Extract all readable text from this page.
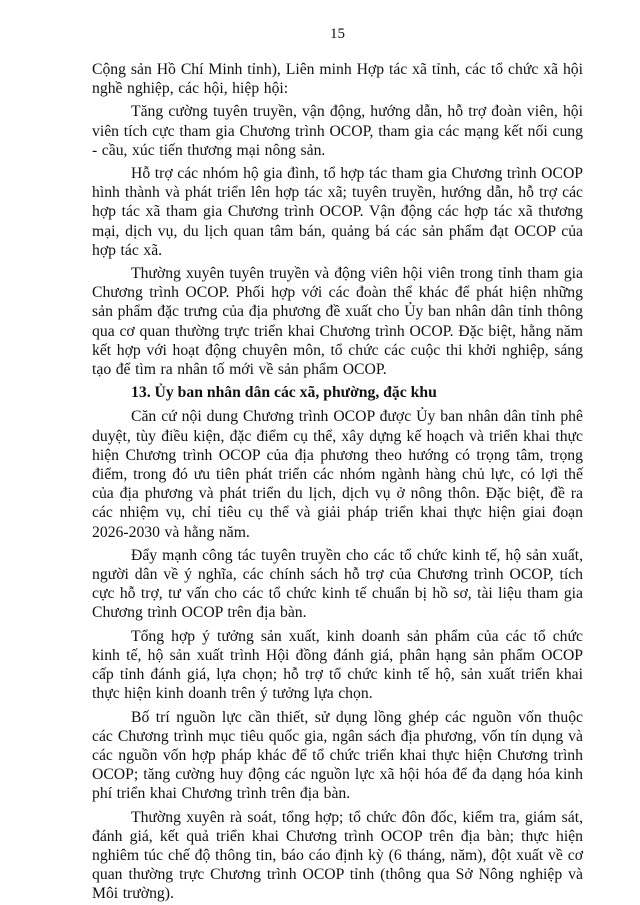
15

Cộng sản Hồ Chí Minh tỉnh), Liên minh Hợp tác xã tỉnh, các tổ chức xã hội nghề nghiệp, các hội, hiệp hội:

Tăng cường tuyên truyền, vận động, hướng dẫn, hỗ trợ đoàn viên, hội viên tích cực tham gia Chương trình OCOP, tham gia các mạng kết nối cung - cầu, xúc tiến thương mại nông sản.

Hỗ trợ các nhóm hộ gia đình, tổ hợp tác tham gia Chương trình OCOP hình thành và phát triển lên hợp tác xã; tuyên truyền, hướng dẫn, hỗ trợ các hợp tác xã tham gia Chương trình OCOP. Vận động các hợp tác xã thương mại, dịch vụ, du lịch quan tâm bán, quảng bá các sản phẩm đạt OCOP của hợp tác xã.

Thường xuyên tuyên truyền và động viên hội viên trong tỉnh tham gia Chương trình OCOP. Phối hợp với các đoàn thể khác để phát hiện những sản phẩm đặc trưng của địa phương đề xuất cho Ủy ban nhân dân tỉnh thông qua cơ quan thường trực triển khai Chương trình OCOP. Đặc biệt, hằng năm kết hợp với hoạt động chuyên môn, tổ chức các cuộc thi khởi nghiệp, sáng tạo để tìm ra nhân tố mới về sản phẩm OCOP.

13. Ủy ban nhân dân các xã, phường, đặc khu

Căn cứ nội dung Chương trình OCOP được Ủy ban nhân dân tỉnh phê duyệt, tùy điều kiện, đặc điểm cụ thể, xây dựng kế hoạch và triển khai thực hiện Chương trình OCOP của địa phương theo hướng có trọng tâm, trọng điểm, trong đó ưu tiên phát triển các nhóm ngành hàng chủ lực, có lợi thế của địa phương và phát triển du lịch, dịch vụ ở nông thôn. Đặc biệt, đề ra các nhiệm vụ, chỉ tiêu cụ thể và giải pháp triển khai thực hiện giai đoạn 2026-2030 và hằng năm.

Đẩy mạnh công tác tuyên truyền cho các tổ chức kinh tế, hộ sản xuất, người dân về ý nghĩa, các chính sách hỗ trợ của Chương trình OCOP, tích cực hỗ trợ, tư vấn cho các tổ chức kinh tế chuẩn bị hồ sơ, tài liệu tham gia Chương trình OCOP trên địa bàn.

Tổng hợp ý tưởng sản xuất, kinh doanh sản phẩm của các tổ chức kinh tế, hộ sản xuất trình Hội đồng đánh giá, phân hạng sản phẩm OCOP cấp tỉnh đánh giá, lựa chọn; hỗ trợ tổ chức kinh tế hộ, sản xuất triển khai thực hiện kinh doanh trên ý tưởng lựa chọn.

Bố trí nguồn lực cần thiết, sử dụng lồng ghép các nguồn vốn thuộc các Chương trình mục tiêu quốc gia, ngân sách địa phương, vốn tín dụng và các nguồn vốn hợp pháp khác để tổ chức triển khai thực hiện Chương trình OCOP; tăng cường huy động các nguồn lực xã hội hóa để đa dạng hóa kinh phí triển khai Chương trình trên địa bàn.

Thường xuyên rà soát, tổng hợp; tổ chức đôn đốc, kiểm tra, giám sát, đánh giá, kết quả triển khai Chương trình OCOP trên địa bàn; thực hiện nghiêm túc chế độ thông tin, báo cáo định kỳ (6 tháng, năm), đột xuất về cơ quan thường trực Chương trình OCOP tỉnh (thông qua Sở Nông nghiệp và Môi trường).
